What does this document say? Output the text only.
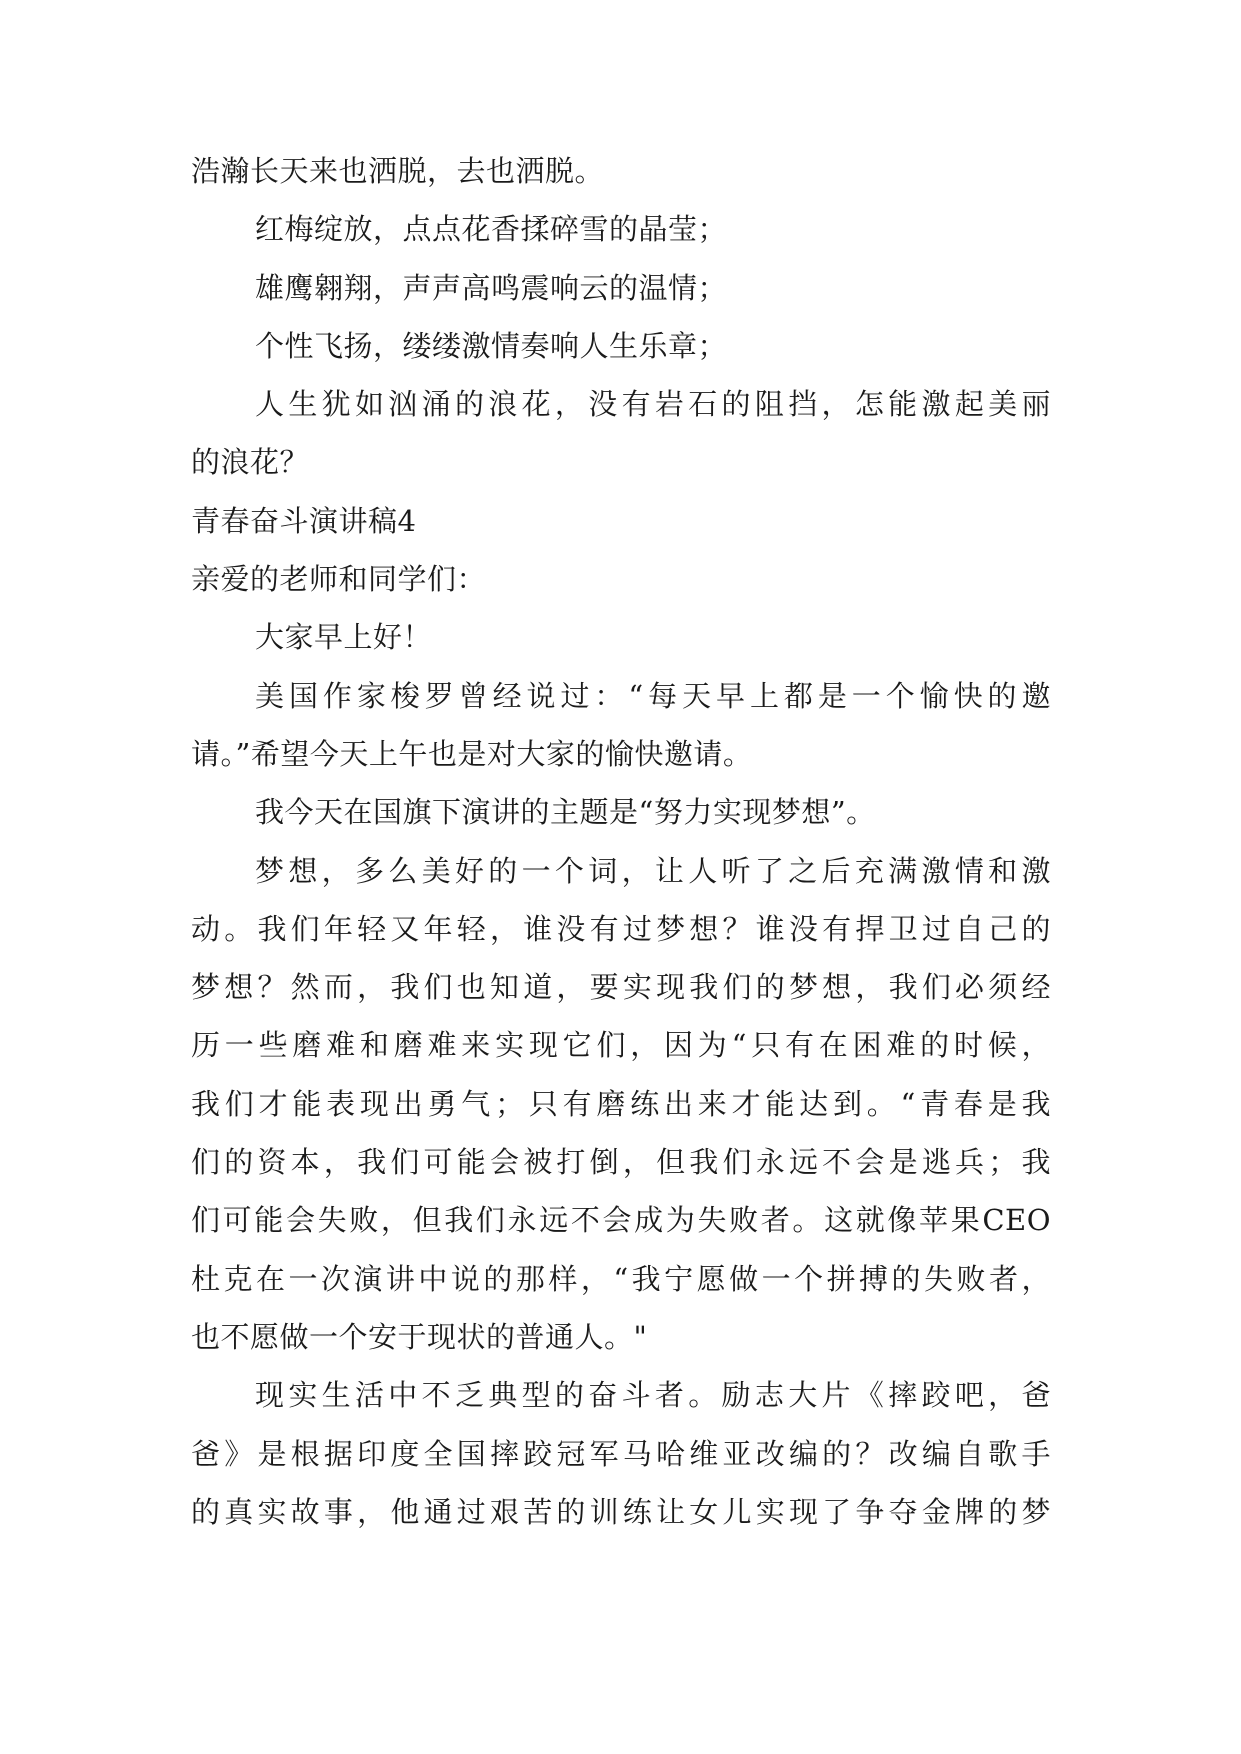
浩瀚长天来也洒脱，去也洒脱。
红梅绽放，点点花香揉碎雪的晶莹；
雄鹰翱翔，声声高鸣震响云的温情；
个性飞扬，缕缕激情奏响人生乐章；
人生犹如汹涌的浪花，没有岩石的阻挡，怎能激起美丽
的浪花？
青春奋斗演讲稿4
亲爱的老师和同学们：
大家早上好！
美国作家梭罗曾经说过：“每天早上都是一个愉快的邀
请。”希望今天上午也是对大家的愉快邀请。
我今天在国旗下演讲的主题是“努力实现梦想”。
梦想，多么美好的一个词，让人听了之后充满激情和激
动。我们年轻又年轻，谁没有过梦想？谁没有捍卫过自己的
梦想？然而，我们也知道，要实现我们的梦想，我们必须经
历一些磨难和磨难来实现它们，因为“只有在困难的时候，
我们才能表现出勇气；只有磨练出来才能达到。“青春是我
们的资本，我们可能会被打倒，但我们永远不会是逃兵；我
们可能会失败，但我们永远不会成为失败者。这就像苹果CEO
杜克在一次演讲中说的那样，“我宁愿做一个拼搏的失败者，
也不愿做一个安于现状的普通人。"
现实生活中不乏典型的奋斗者。励志大片《摔跤吧，爸
爸》是根据印度全国摔跤冠军马哈维亚改编的？改编自歌手
的真实故事，他通过艰苦的训练让女儿实现了争夺金牌的梦
